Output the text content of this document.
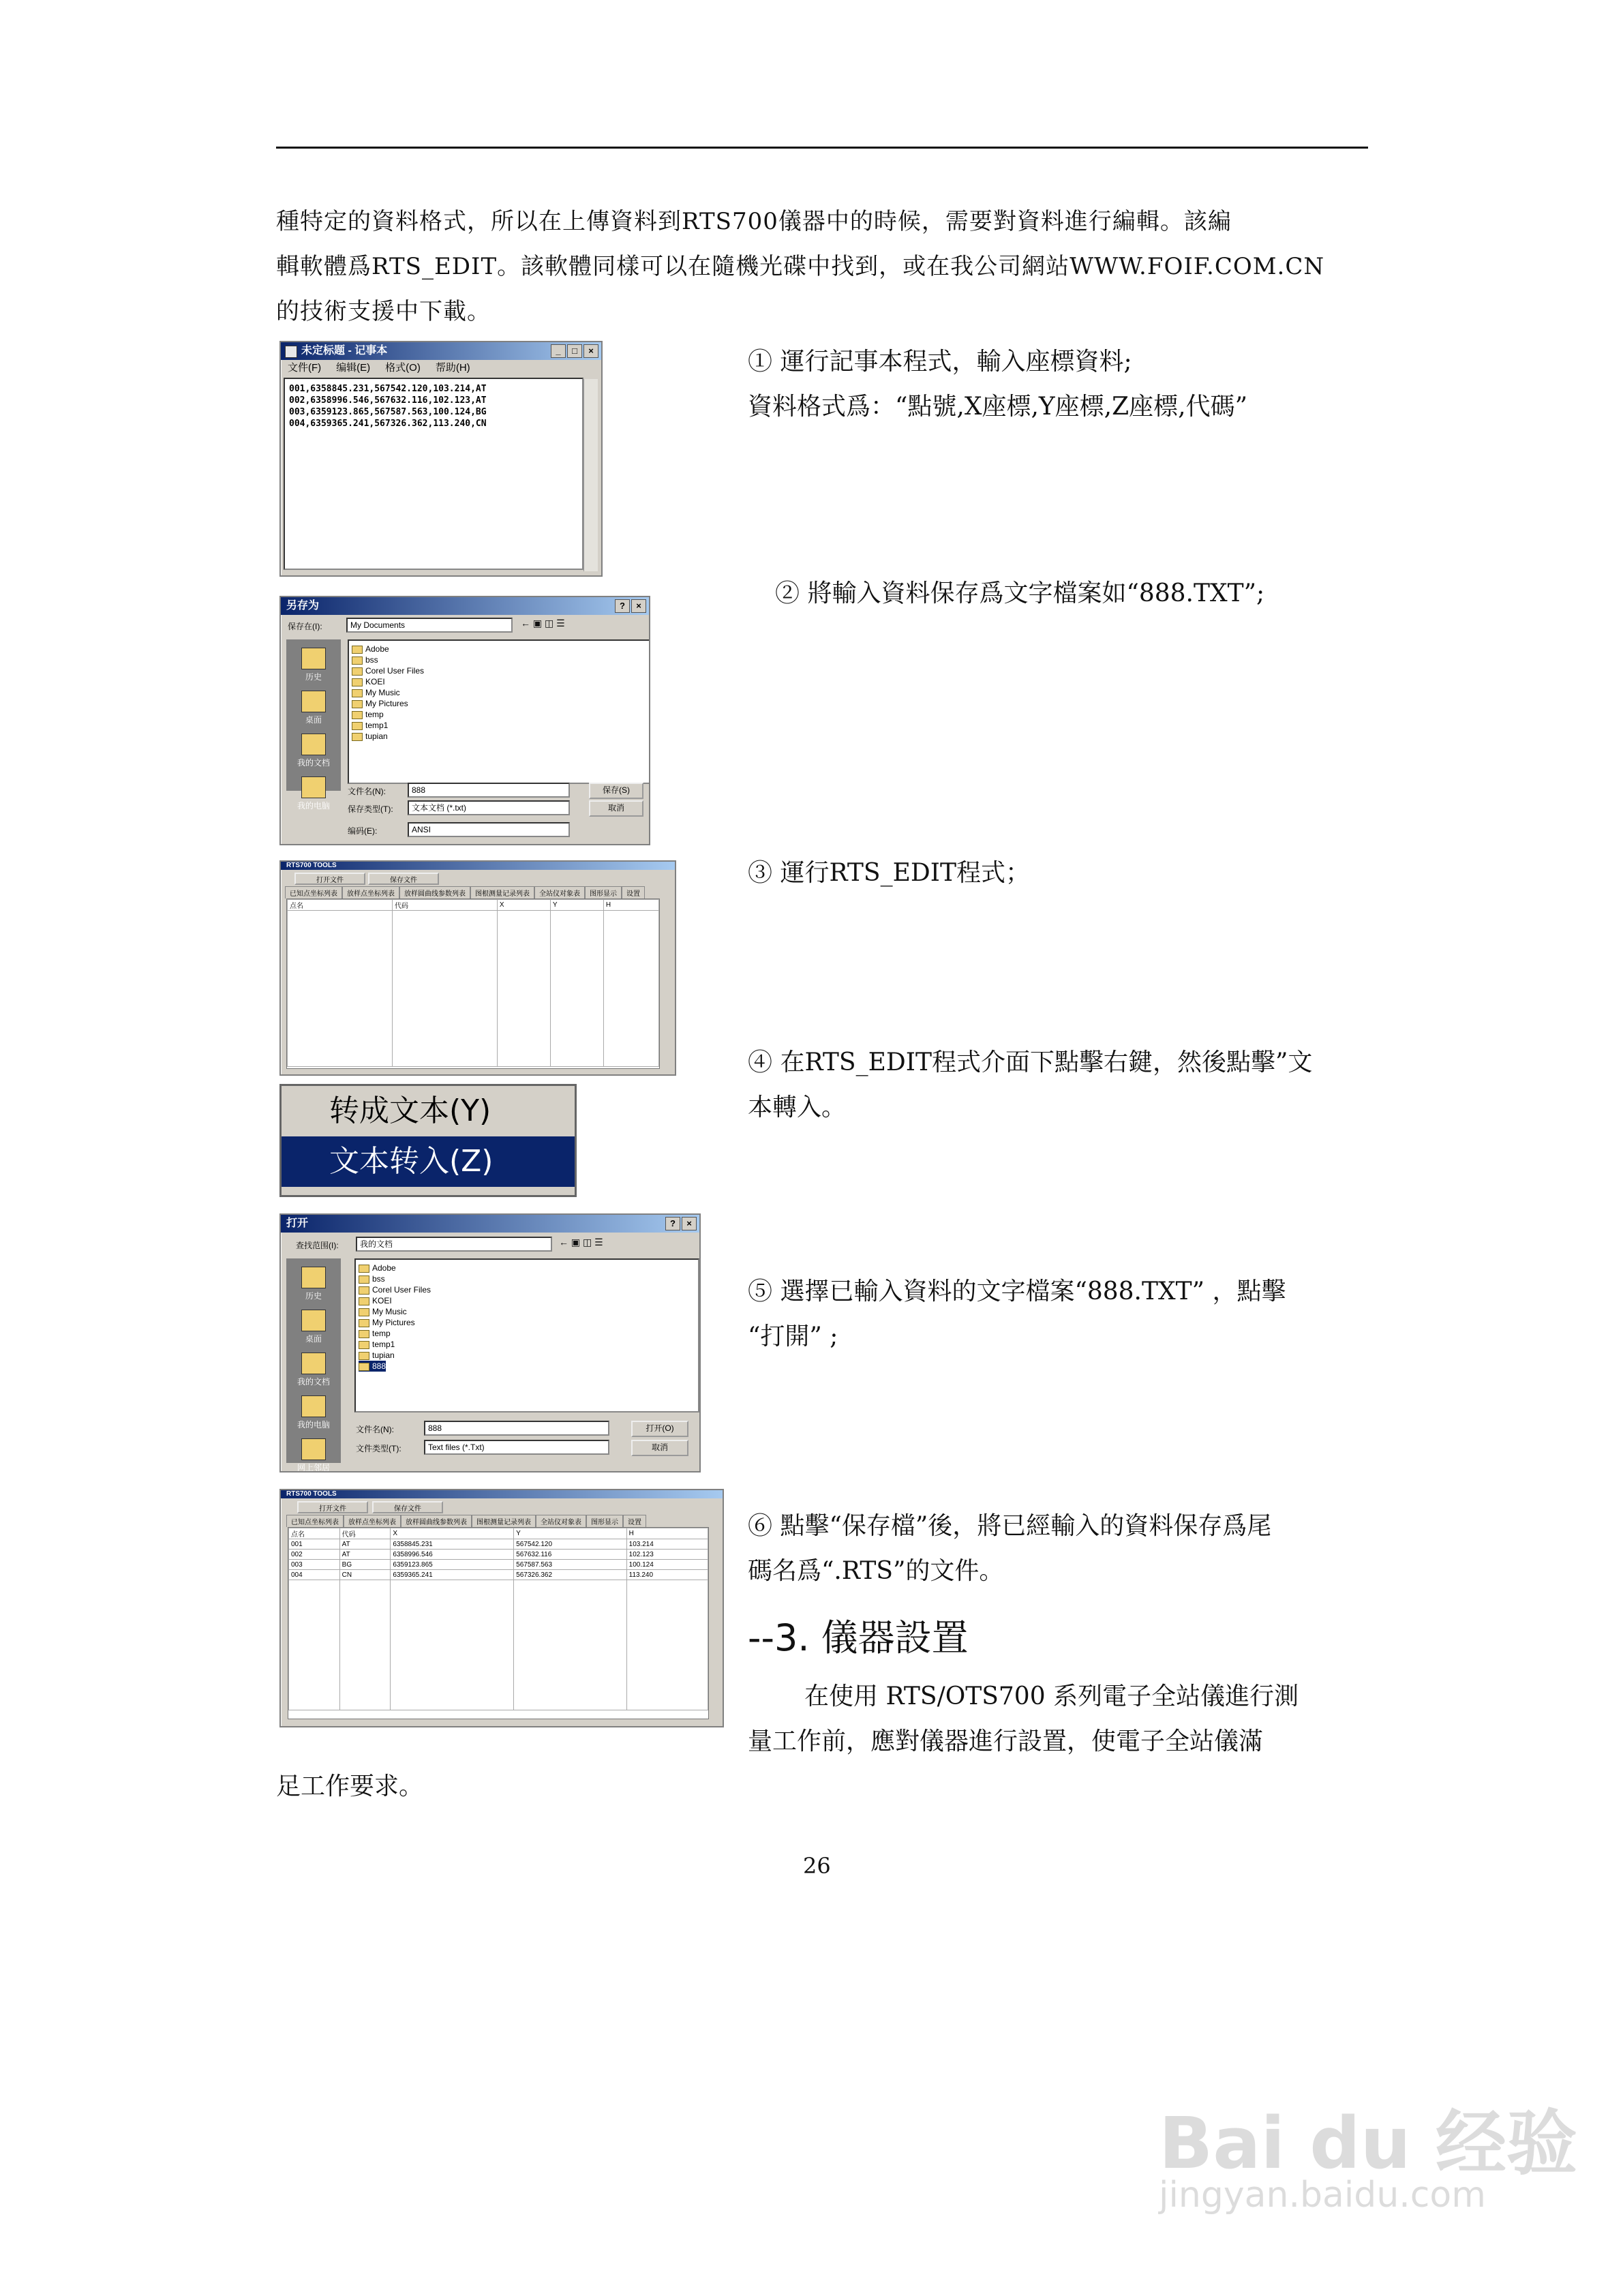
種特定的資料格式，所以在上傳資料到RTS700儀器中的時候，需要對資料進行編輯。該編
輯軟體爲RTS_EDIT。該軟體同樣可以在隨機光碟中找到，或在我公司網站WWW.FOIF.COM.CN
的技術支援中下載。
未定标题 - 记事本	_	□	×
文件(F) 编辑(E) 格式(O) 帮助(H)
001,6358845.231,567542.120,103.214,AT
002,6358996.546,567632.116,102.123,AT
003,6359123.865,567587.563,100.124,BG
004,6359365.241,567326.362,113.240,CN
① 運行記事本程式，輸入座標資料;
資料格式爲：“點號,X座標,Y座標,Z座標,代碼”
另存为	?	×
保存在(I):	My Documents	← ▣ ◫ ☰
历史
桌面
我的文档
我的电脑
Adobe
bss
Corel User Files
KOEI
My Music
My Pictures
temp
temp1
tupian
文件名(N):	888
保存类型(T):	文本文档 (*.txt)
编码(E):	ANSI
保存(S)
取消
② 將輸入資料保存爲文字檔案如“888.TXT”;
RTS700 TOOLS
打开文件	保存文件
已知点坐标列表	放样点坐标列表	放样圆曲线参数列表	图根测量记录列表	全站仪对象表	图形显示	设置
点名	代码	X	Y	H

③ 運行RTS_EDIT程式；
转成文本(Y)
文本转入(Z)
④ 在RTS_EDIT程式介面下點擊右鍵，然後點擊”文
本轉入。
打开	?	×
查找范围(I):	我的文档	← ▣ ◫ ☰
历史
桌面
我的文档
我的电脑
网上邻居
Adobe
bss
Corel User Files
KOEI
My Music
My Pictures
temp
temp1
tupian
888
文件名(N):	888
文件类型(T):	Text files (*.Txt)
打开(O)
取消
⑤ 選擇已輸入資料的文字檔案“888.TXT” ，點擊
“打開” ;
RTS700 TOOLS
打开文件	保存文件
已知点坐标列表	放样点坐标列表	放样圆曲线参数列表	图根测量记录列表	全站仪对象表	图形显示	设置
点名	代码	X	Y	H
001	AT	6358845.231	567542.120	103.214
002	AT	6358996.546	567632.116	102.123
003	BG	6359123.865	567587.563	100.124
004	CN	6359365.241	567326.362	113.240

⑥ 點擊“保存檔”後，將已經輸入的資料保存爲尾
碼名爲“.RTS”的文件。
--3. 儀器設置
在使用 RTS/OTS700 系列電子全站儀進行測
量工作前，應對儀器進行設置，使電子全站儀滿
足工作要求。
26
Bai du 经验
jingyan.baidu.com
